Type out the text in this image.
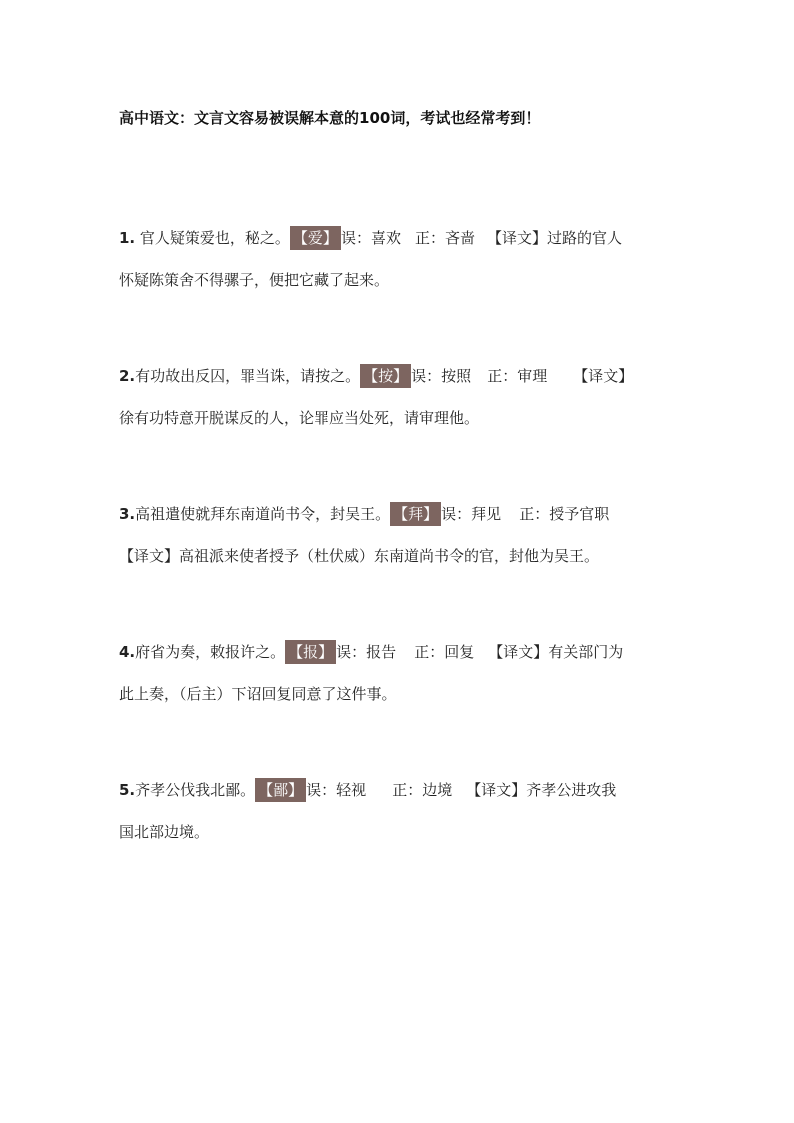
高中语文：文言文容易被误解本意的100词，考试也经常考到！
1. 官人疑策爱也，秘之。 【爱】 误：喜欢 正：吝啬 【译文】过路的官人
怀疑陈策舍不得骡子，便把它藏了起来。
2.有功故出反囚，罪当诛，请按之。 【按】 误：按照 正：审理 【译文】
徐有功特意开脱谋反的人，论罪应当处死，请审理他。
3.高祖遣使就拜东南道尚书令，封吴王。 【拜】 误：拜见 正：授予官职
【译文】高祖派来使者授予（杜伏威）东南道尚书令的官，封他为吴王。
4.府省为奏，敕报许之。 【报】 误：报告 正：回复 【译文】有关部门为
此上奏，（后主）下诏回复同意了这件事。
5.齐孝公伐我北鄙。 【鄙】 误：轻视 正：边境 【译文】齐孝公进攻我
国北部边境。
